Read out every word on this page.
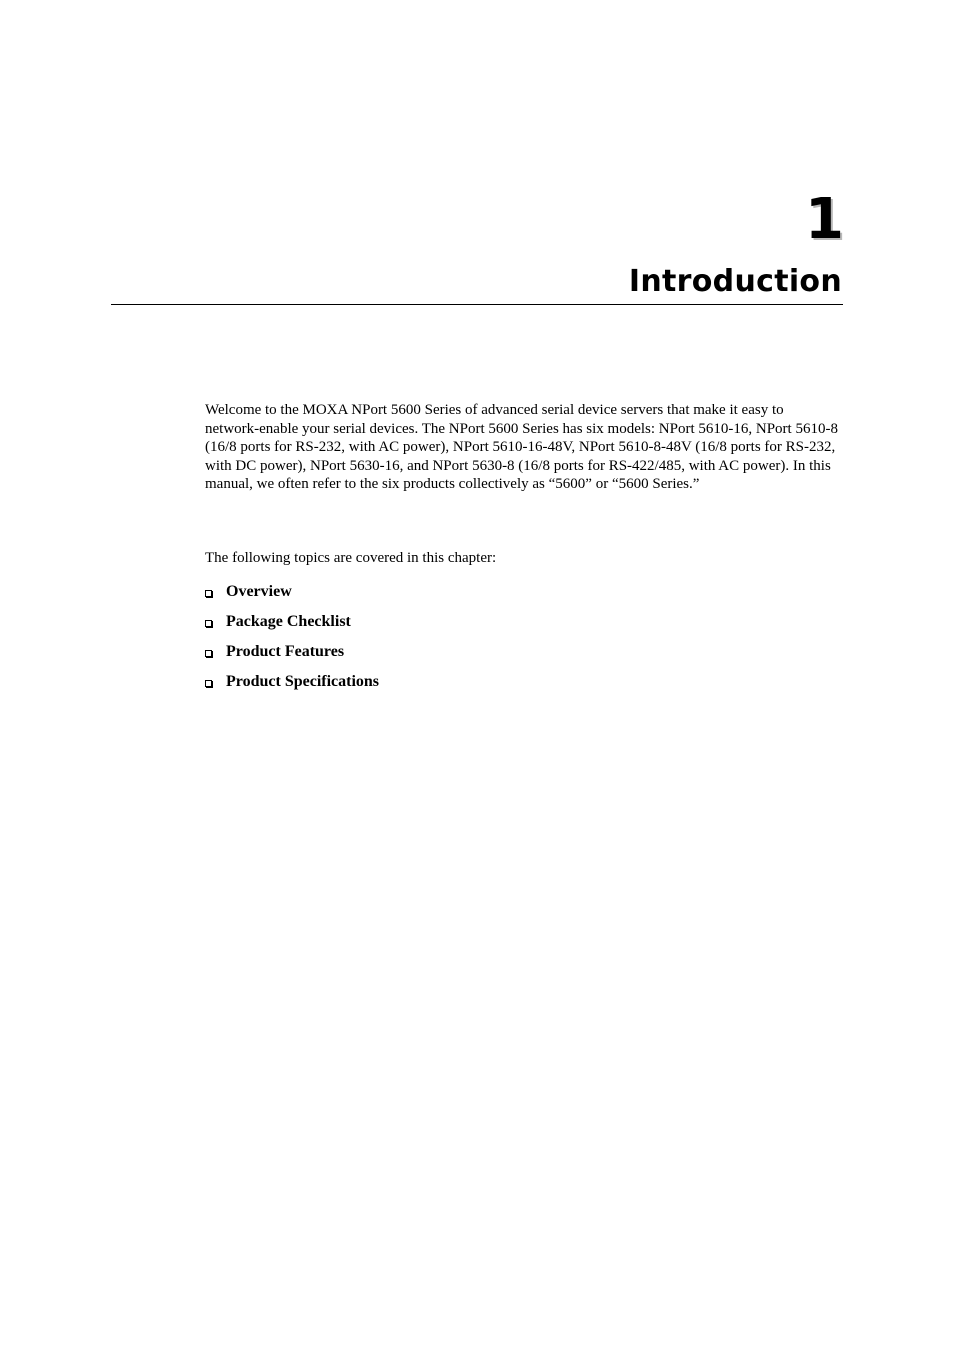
1
Introduction

Welcome to the MOXA NPort 5600 Series of advanced serial device servers that make it easy to network-enable your serial devices. The NPort 5600 Series has six models: NPort 5610-16, NPort 5610-8 (16/8 ports for RS-232, with AC power), NPort 5610-16-48V, NPort 5610-8-48V (16/8 ports for RS-232, with DC power), NPort 5630-16, and NPort 5630-8 (16/8 ports for RS-422/485, with AC power). In this manual, we often refer to the six products collectively as “5600” or “5600 Series.”

The following topics are covered in this chapter:

Overview
Package Checklist
Product Features
Product Specifications
